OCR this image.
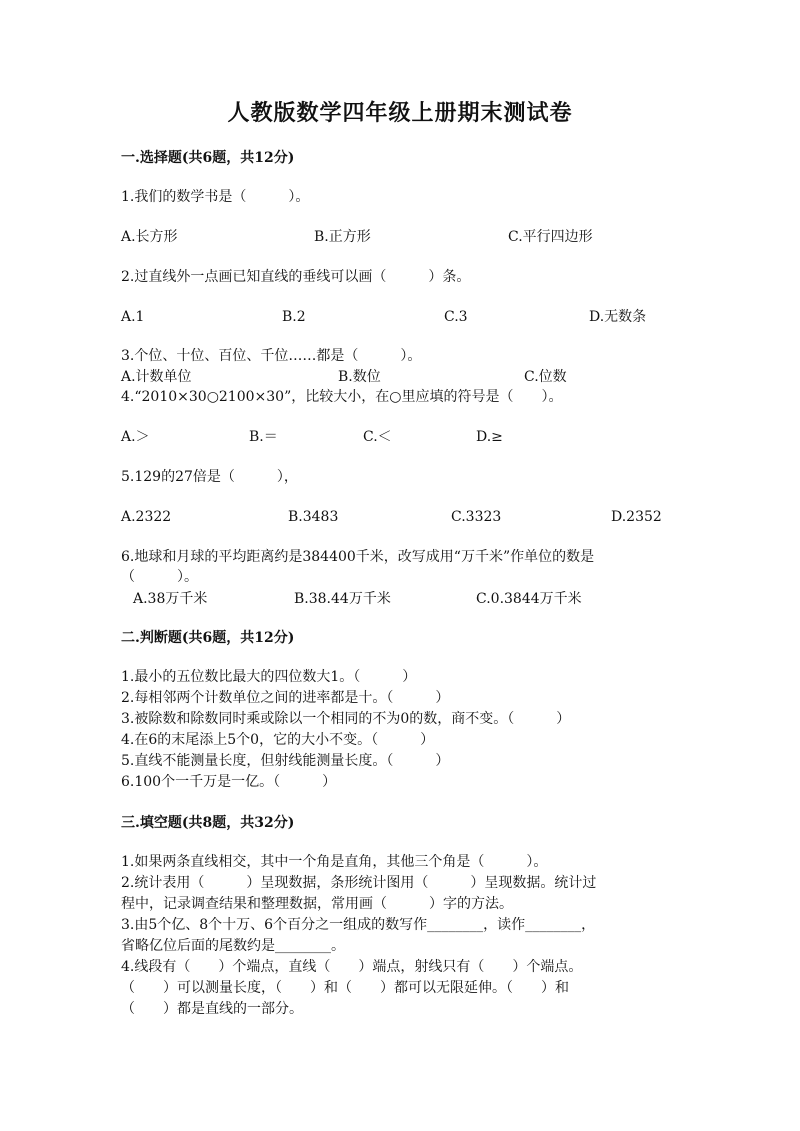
人教版数学四年级上册期末测试卷
一.选择题(共6题，共12分)
1.我们的数学书是（　　　）。
A.长方形	B.正方形	C.平行四边形
2.过直线外一点画已知直线的垂线可以画（　　　）条。
A.1	B.2	C.3	D.无数条
3.个位、十位、百位、千位……都是（　　　）。
A.计数单位	B.数位	C.位数
4.“2010×30○2100×30”，比较大小，在○里应填的符号是（　　）。
A.＞	B.＝	C.＜	D.≥
5.129的27倍是（　　　），
A.2322	B.3483	C.3323	D.2352
6.地球和月球的平均距离约是384400千米，改写成用“万千米”作单位的数是
（　　　）。
A.38万千米	B.38.44万千米	C.0.3844万千米
二.判断题(共6题，共12分)
1.最小的五位数比最大的四位数大1。（　　　）
2.每相邻两个计数单位之间的进率都是十。（　　　）
3.被除数和除数同时乘或除以一个相同的不为0的数，商不变。（　　　）
4.在6的末尾添上5个0，它的大小不变。（　　　）
5.直线不能测量长度，但射线能测量长度。（　　　）
6.100个一千万是一亿。（　　　）
三.填空题(共8题，共32分)
1.如果两条直线相交，其中一个角是直角，其他三个角是（　　　）。
2.统计表用（　　　）呈现数据，条形统计图用（　　　）呈现数据。统计过
程中，记录调查结果和整理数据，常用画（　　　）字的方法。
3.由5个亿、8个十万、6个百分之一组成的数写作________，读作________，
省略亿位后面的尾数约是________。
4.线段有（　　）个端点，直线（　　）端点，射线只有（　　）个端点。
（　　）可以测量长度，（　　）和（　　）都可以无限延伸。（　　）和
（　　）都是直线的一部分。
